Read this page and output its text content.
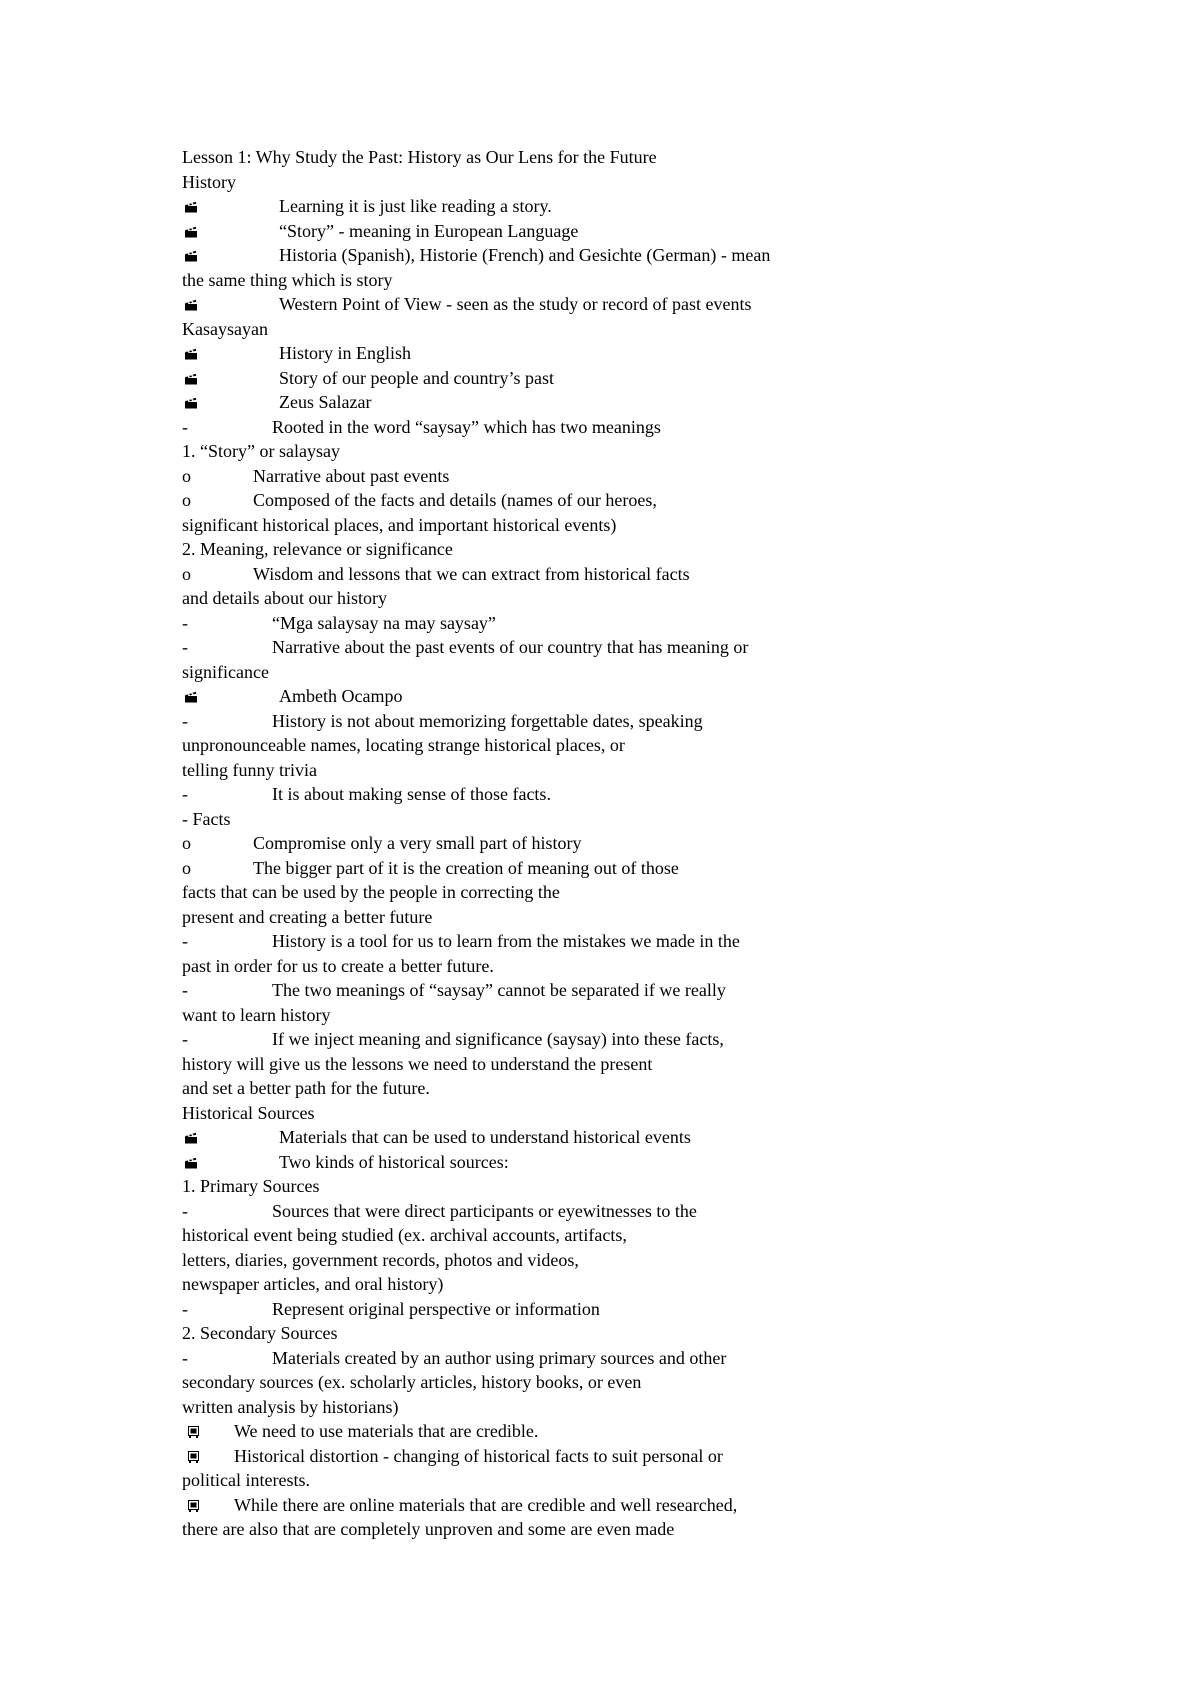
Lesson 1: Why Study the Past: History as Our Lens for the Future
History
Learning it is just like reading a story.
“Story” - meaning in European Language
Historia (Spanish), Historie (French) and Gesichte (German) - mean
the same thing which is story
Western Point of View - seen as the study or record of past events
Kasaysayan
History in English
Story of our people and country’s past
Zeus Salazar
-	Rooted in the word “saysay” which has two meanings
1. “Story” or salaysay
o	Narrative about past events
o	Composed of the facts and details (names of our heroes,
significant historical places, and important historical events)
2. Meaning, relevance or significance
o	Wisdom and lessons that we can extract from historical facts
and details about our history
-	“Mga salaysay na may saysay”
-	Narrative about the past events of our country that has meaning or
significance
Ambeth Ocampo
-	History is not about memorizing forgettable dates, speaking
unpronounceable names, locating strange historical places, or
telling funny trivia
-	It is about making sense of those facts.
- Facts
o	Compromise only a very small part of history
o	The bigger part of it is the creation of meaning out of those
facts that can be used by the people in correcting the
present and creating a better future
-	History is a tool for us to learn from the mistakes we made in the
past in order for us to create a better future.
-	The two meanings of “saysay” cannot be separated if we really
want to learn history
-	If we inject meaning and significance (saysay) into these facts,
history will give us the lessons we need to understand the present
and set a better path for the future.
Historical Sources
Materials that can be used to understand historical events
Two kinds of historical sources:
1. Primary Sources
-	Sources that were direct participants or eyewitnesses to the
historical event being studied (ex. archival accounts, artifacts,
letters, diaries, government records, photos and videos,
newspaper articles, and oral history)
-	Represent original perspective or information
2. Secondary Sources
-	Materials created by an author using primary sources and other
secondary sources (ex. scholarly articles, history books, or even
written analysis by historians)
We need to use materials that are credible.
Historical distortion - changing of historical facts to suit personal or
political interests.
While there are online materials that are credible and well researched,
there are also that are completely unproven and some are even made
